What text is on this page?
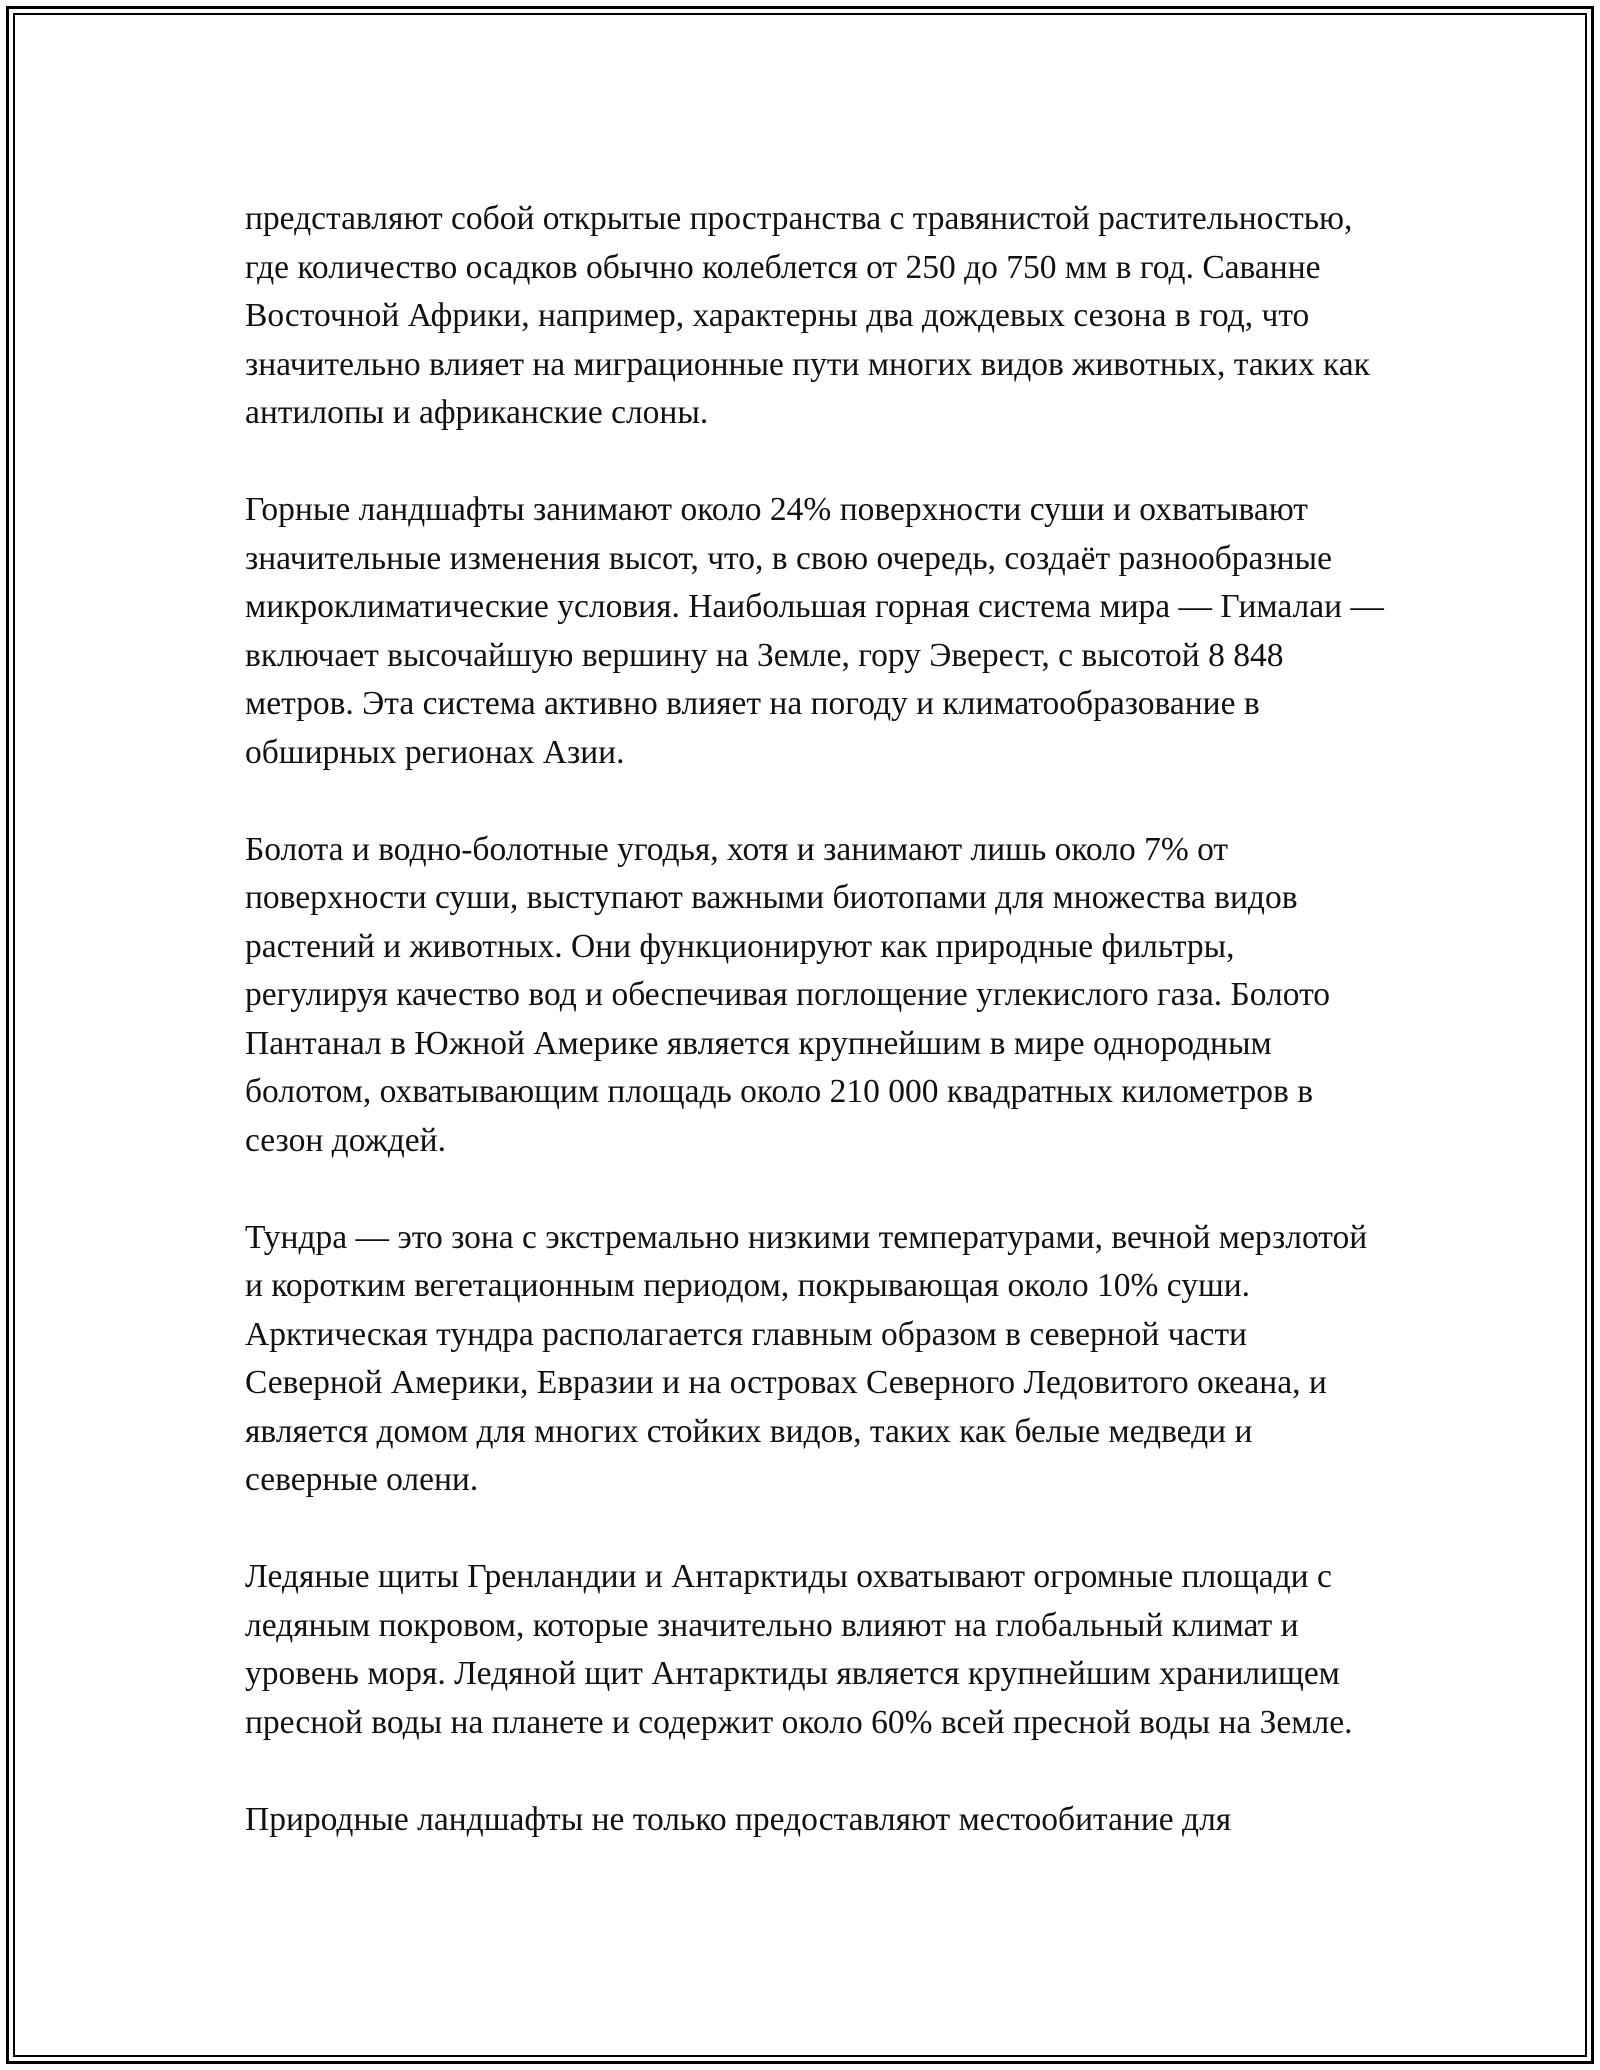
представляют собой открытые пространства с травянистой растительностью, где количество осадков обычно колеблется от 250 до 750 мм в год. Саванне Восточной Африки, например, характерны два дождевых сезона в год, что значительно влияет на миграционные пути многих видов животных, таких как антилопы и африканские слоны.

Горные ландшафты занимают около 24% поверхности суши и охватывают значительные изменения высот, что, в свою очередь, создаёт разнообразные микроклиматические условия. Наибольшая горная система мира — Гималаи — включает высочайшую вершину на Земле, гору Эверест, с высотой 8 848 метров. Эта система активно влияет на погоду и климатообразование в обширных регионах Азии.

Болота и водно-болотные угодья, хотя и занимают лишь около 7% от поверхности суши, выступают важными биотопами для множества видов растений и животных. Они функционируют как природные фильтры, регулируя качество вод и обеспечивая поглощение углекислого газа. Болото Пантанал в Южной Америке является крупнейшим в мире однородным болотом, охватывающим площадь около 210 000 квадратных километров в сезон дождей.

Тундра — это зона с экстремально низкими температурами, вечной мерзлотой и коротким вегетационным периодом, покрывающая около 10% суши. Арктическая тундра располагается главным образом в северной части Северной Америки, Евразии и на островах Северного Ледовитого океана, и является домом для многих стойких видов, таких как белые медведи и северные олени.

Ледяные щиты Гренландии и Антарктиды охватывают огромные площади с ледяным покровом, которые значительно влияют на глобальный климат и уровень моря. Ледяной щит Антарктиды является крупнейшим хранилищем пресной воды на планете и содержит около 60% всей пресной воды на Земле.

Природные ландшафты не только предоставляют местообитание для
